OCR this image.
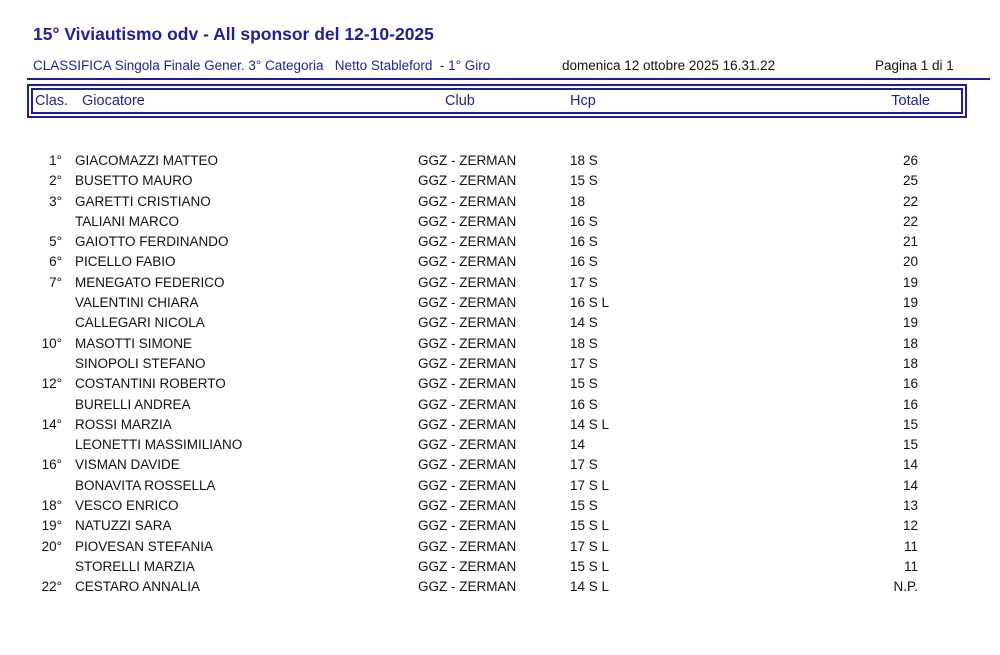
15° Viviautismo odv - All sponsor del 12-10-2025
CLASSIFICA Singola Finale Gener. 3° Categoria   Netto Stableford  - 1° Giro	domenica 12 ottobre 2025 16.31.22	Pagina 1 di 1
Clas. Giocatore	Club	Hcp	Totale
1° GIACOMAZZI MATTEO	GGZ - ZERMAN	18 S	26
2° BUSETTO MAURO	GGZ - ZERMAN	15 S	25
3° GARETTI CRISTIANO	GGZ - ZERMAN	18	22
TALIANI MARCO	GGZ - ZERMAN	16 S	22
5° GAIOTTO FERDINANDO	GGZ - ZERMAN	16 S	21
6° PICELLO FABIO	GGZ - ZERMAN	16 S	20
7° MENEGATO FEDERICO	GGZ - ZERMAN	17 S	19
VALENTINI CHIARA	GGZ - ZERMAN	16 S L	19
CALLEGARI NICOLA	GGZ - ZERMAN	14 S	19
10° MASOTTI SIMONE	GGZ - ZERMAN	18 S	18
SINOPOLI STEFANO	GGZ - ZERMAN	17 S	18
12° COSTANTINI ROBERTO	GGZ - ZERMAN	15 S	16
BURELLI ANDREA	GGZ - ZERMAN	16 S	16
14° ROSSI MARZIA	GGZ - ZERMAN	14 S L	15
LEONETTI MASSIMILIANO	GGZ - ZERMAN	14	15
16° VISMAN DAVIDE	GGZ - ZERMAN	17 S	14
BONAVITA ROSSELLA	GGZ - ZERMAN	17 S L	14
18° VESCO ENRICO	GGZ - ZERMAN	15 S	13
19° NATUZZI SARA	GGZ - ZERMAN	15 S L	12
20° PIOVESAN STEFANIA	GGZ - ZERMAN	17 S L	11
STORELLI MARZIA	GGZ - ZERMAN	15 S L	11
22° CESTARO ANNALIA	GGZ - ZERMAN	14 S L	N.P.
